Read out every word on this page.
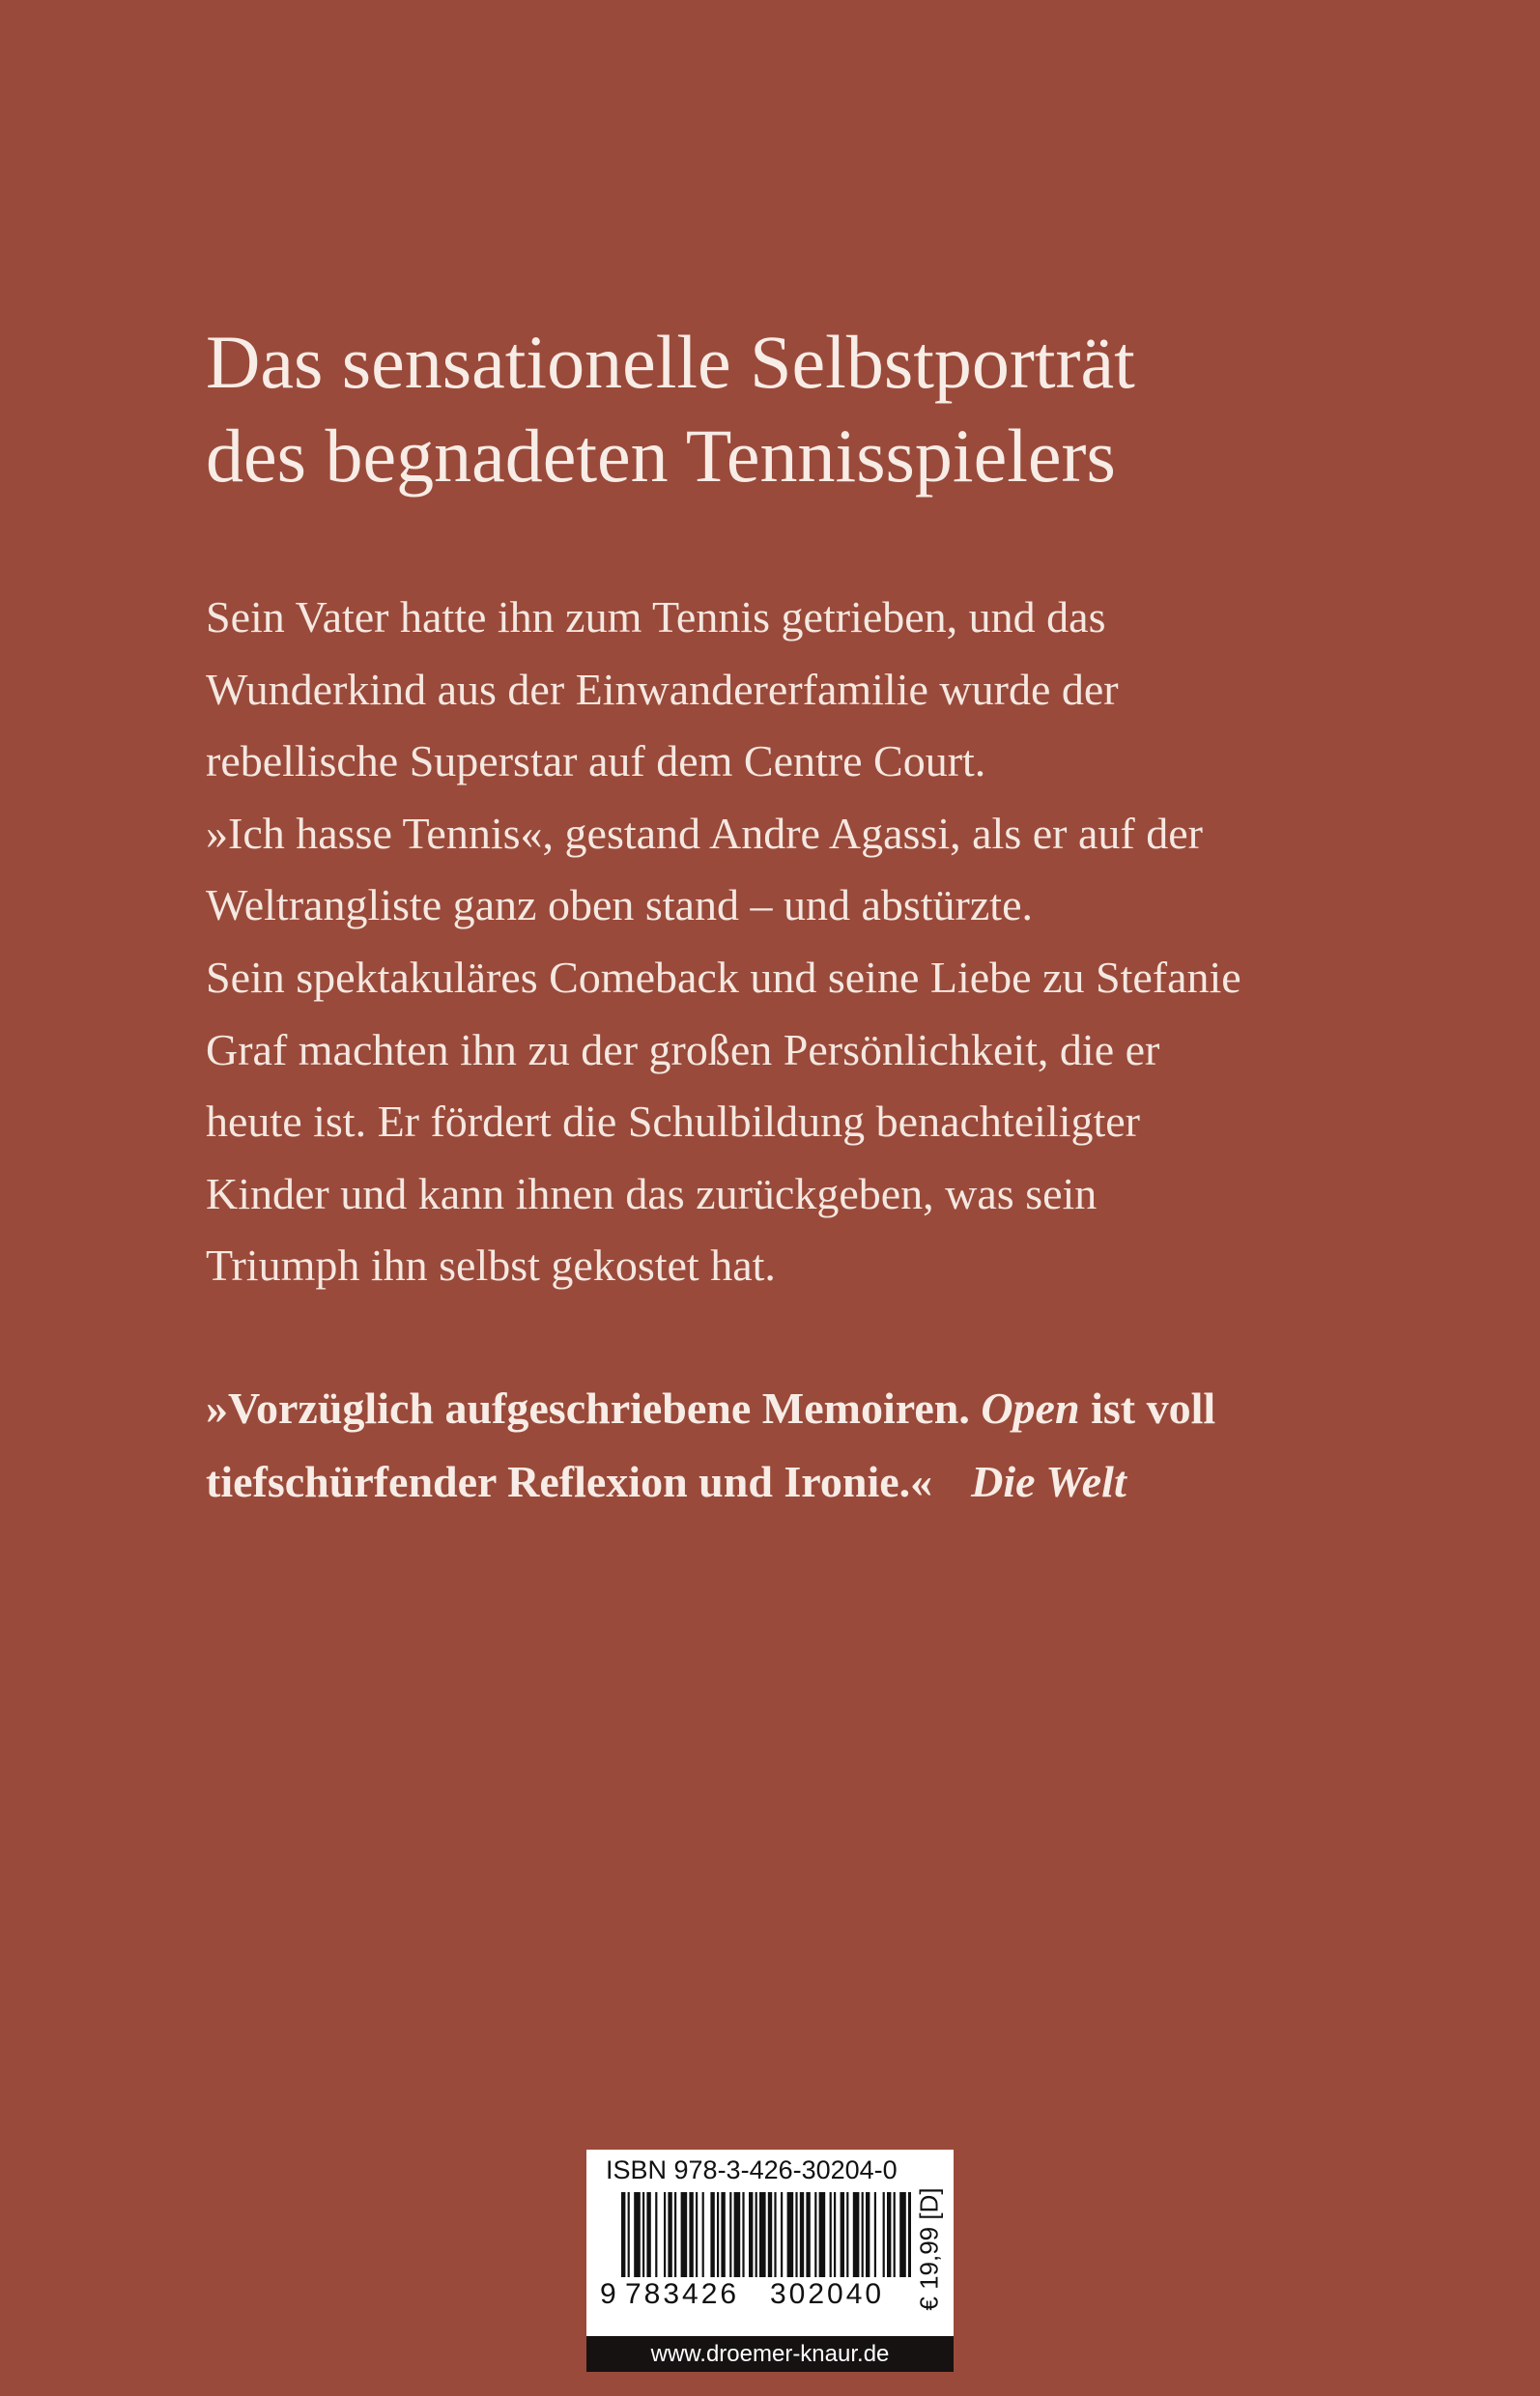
Das sensationelle Selbstporträt
des begnadeten Tennisspielers

Sein Vater hatte ihn zum Tennis getrieben, und das
Wunderkind aus der Einwandererfamilie wurde der
rebellische Superstar auf dem Centre Court.
»Ich hasse Tennis«, gestand Andre Agassi, als er auf der
Weltrangliste ganz oben stand – und abstürzte.
Sein spektakuläres Comeback und seine Liebe zu Stefanie
Graf machten ihn zu der großen Persönlichkeit, die er
heute ist. Er fördert die Schulbildung benachteiligter
Kinder und kann ihnen das zurückgeben, was sein
Triumph ihn selbst gekostet hat.

»Vorzüglich aufgeschriebene Memoiren. Open ist voll
tiefschürfender Reflexion und Ironie.« Die Welt

ISBN 978-3-426-30204-0
9 783426 302040	€ 19,99 [D]
www.droemer-knaur.de
